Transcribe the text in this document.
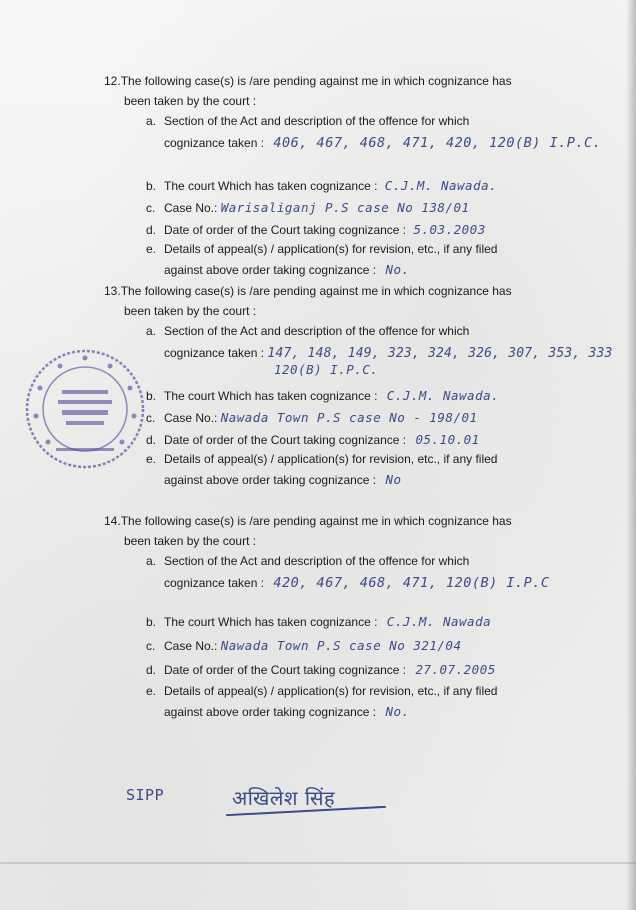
12.The following case(s) is /are pending against me in which cognizance has
been taken by the court :
a. Section of the Act and description of the offence for which
cognizance taken : 406, 467, 468, 471, 420, 120(B) I.P.C.
b. The court Which has taken cognizance : C.J.M. Nawada.
c. Case No.: Warisaliganj P.S case No 138/01
d. Date of order of the Court taking cognizance : 5.03.2003
e. Details of appeal(s) / application(s) for revision, etc., if any filed
against above order taking cognizance : No.
13.The following case(s) is /are pending against me in which cognizance has
been taken by the court :
a. Section of the Act and description of the offence for which
cognizance taken : 147, 148, 149, 323, 324, 326, 307, 353, 333
120(B) I.P.C.
b. The court Which has taken cognizance : C.J.M. Nawada.
c. Case No.: Nawada Town P.S case No - 198/01
d. Date of order of the Court taking cognizance : 05.10.01
e. Details of appeal(s) / application(s) for revision, etc., if any filed
against above order taking cognizance : No
14.The following case(s) is /are pending against me in which cognizance has
been taken by the court :
a. Section of the Act and description of the offence for which
cognizance taken : 420, 467, 468, 471, 120(B) I.P.C
b. The court Which has taken cognizance : C.J.M. Nawada
c. Case No.: Nawada Town P.S case No 321/04
d. Date of order of the Court taking cognizance : 27.07.2005
e. Details of appeal(s) / application(s) for revision, etc., if any filed
against above order taking cognizance : No.
SIPP	अखिलेश सिंह
